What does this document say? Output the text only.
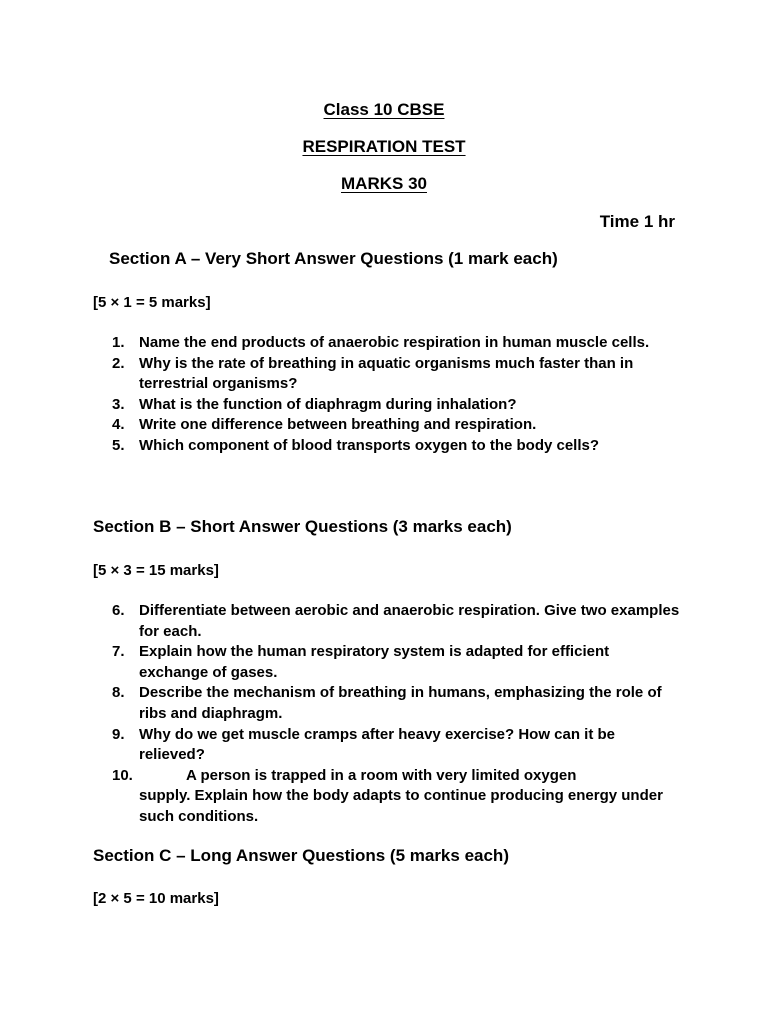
Class 10 CBSE
RESPIRATION TEST
MARKS 30
Time 1 hr
Section A – Very Short Answer Questions (1 mark each)
[5 × 1 = 5 marks]
1. Name the end products of anaerobic respiration in human muscle cells.
2. Why is the rate of breathing in aquatic organisms much faster than in terrestrial organisms?
3. What is the function of diaphragm during inhalation?
4. Write one difference between breathing and respiration.
5. Which component of blood transports oxygen to the body cells?
Section B – Short Answer Questions (3 marks each)
[5 × 3 = 15 marks]
6. Differentiate between aerobic and anaerobic respiration. Give two examples for each.
7. Explain how the human respiratory system is adapted for efficient exchange of gases.
8. Describe the mechanism of breathing in humans, emphasizing the role of ribs and diaphragm.
9. Why do we get muscle cramps after heavy exercise? How can it be relieved?
10.	A person is trapped in a room with very limited oxygen
supply. Explain how the body adapts to continue producing energy under such conditions.
Section C – Long Answer Questions (5 marks each)
[2 × 5 = 10 marks]
